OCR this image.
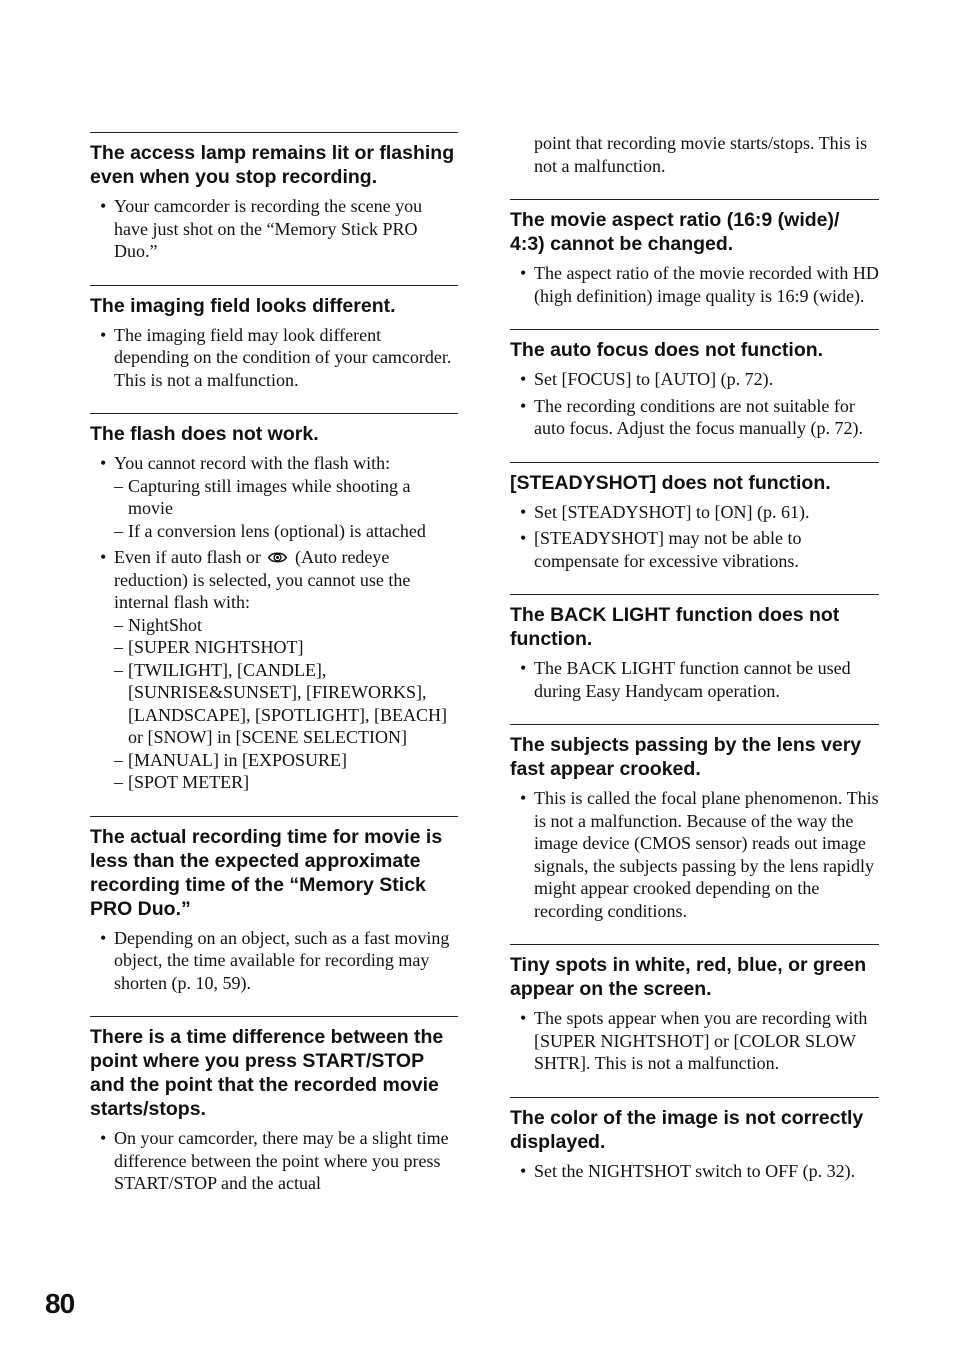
The access lamp remains lit or flashing even when you stop recording.
• Your camcorder is recording the scene you have just shot on the “Memory Stick PRO Duo.”
The imaging field looks different.
• The imaging field may look different depending on the condition of your camcorder. This is not a malfunction.
The flash does not work.
• You cannot record with the flash with:
– Capturing still images while shooting a movie
– If a conversion lens (optional) is attached
• Even if auto flash or (Auto redeye reduction) is selected, you cannot use the internal flash with:
– NightShot
– [SUPER NIGHTSHOT]
– [TWILIGHT], [CANDLE], [SUNRISE&SUNSET], [FIREWORKS], [LANDSCAPE], [SPOTLIGHT], [BEACH] or [SNOW] in [SCENE SELECTION]
– [MANUAL] in [EXPOSURE]
– [SPOT METER]
The actual recording time for movie is less than the expected approximate recording time of the “Memory Stick PRO Duo.”
• Depending on an object, such as a fast moving object, the time available for recording may shorten (p. 10, 59).
There is a time difference between the point where you press START/STOP and the point that the recorded movie starts/stops.
• On your camcorder, there may be a slight time difference between the point where you press START/STOP and the actual
point that recording movie starts/stops. This is not a malfunction.
The movie aspect ratio (16:9 (wide)/ 4:3) cannot be changed.
• The aspect ratio of the movie recorded with HD (high definition) image quality is 16:9 (wide).
The auto focus does not function.
• Set [FOCUS] to [AUTO] (p. 72).
• The recording conditions are not suitable for auto focus. Adjust the focus manually (p. 72).
[STEADYSHOT] does not function.
• Set [STEADYSHOT] to [ON] (p. 61).
• [STEADYSHOT] may not be able to compensate for excessive vibrations.
The BACK LIGHT function does not function.
• The BACK LIGHT function cannot be used during Easy Handycam operation.
The subjects passing by the lens very fast appear crooked.
• This is called the focal plane phenomenon. This is not a malfunction. Because of the way the image device (CMOS sensor) reads out image signals, the subjects passing by the lens rapidly might appear crooked depending on the recording conditions.
Tiny spots in white, red, blue, or green appear on the screen.
• The spots appear when you are recording with [SUPER NIGHTSHOT] or [COLOR SLOW SHTR]. This is not a malfunction.
The color of the image is not correctly displayed.
• Set the NIGHTSHOT switch to OFF (p. 32).
80
